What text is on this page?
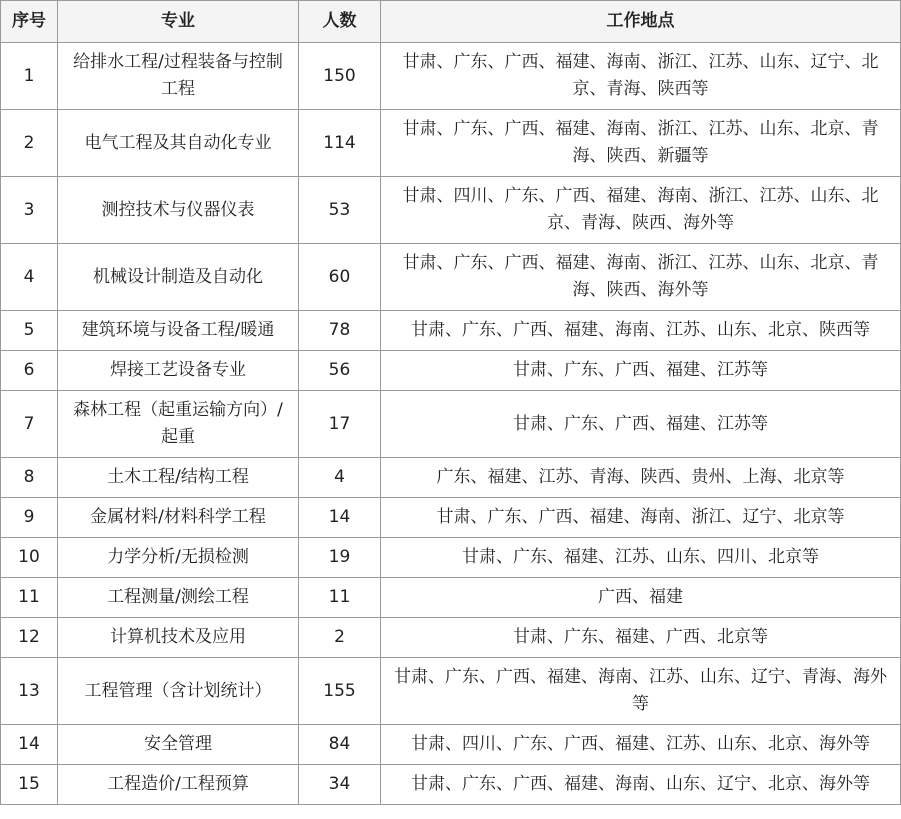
序号	专业	人数	工作地点
1	给排水工程/过程装备与控制工程	150	甘肃、广东、广西、福建、海南、浙江、江苏、山东、辽宁、北京、青海、陕西等
2	电气工程及其自动化专业	114	甘肃、广东、广西、福建、海南、浙江、江苏、山东、北京、青海、陕西、新疆等
3	测控技术与仪器仪表	53	甘肃、四川、广东、广西、福建、海南、浙江、江苏、山东、北京、青海、陕西、海外等
4	机械设计制造及自动化	60	甘肃、广东、广西、福建、海南、浙江、江苏、山东、北京、青海、陕西、海外等
5	建筑环境与设备工程/暖通	78	甘肃、广东、广西、福建、海南、江苏、山东、北京、陕西等
6	焊接工艺设备专业	56	甘肃、广东、广西、福建、江苏等
7	森林工程（起重运输方向）/起重	17	甘肃、广东、广西、福建、江苏等
8	土木工程/结构工程	4	广东、福建、江苏、青海、陕西、贵州、上海、北京等
9	金属材料/材料科学工程	14	甘肃、广东、广西、福建、海南、浙江、辽宁、北京等
10	力学分析/无损检测	19	甘肃、广东、福建、江苏、山东、四川、北京等
11	工程测量/测绘工程	11	广西、福建
12	计算机技术及应用	2	甘肃、广东、福建、广西、北京等
13	工程管理（含计划统计）	155	甘肃、广东、广西、福建、海南、江苏、山东、辽宁、青海、海外等
14	安全管理	84	甘肃、四川、广东、广西、福建、江苏、山东、北京、海外等
15	工程造价/工程预算	34	甘肃、广东、广西、福建、海南、山东、辽宁、北京、海外等
